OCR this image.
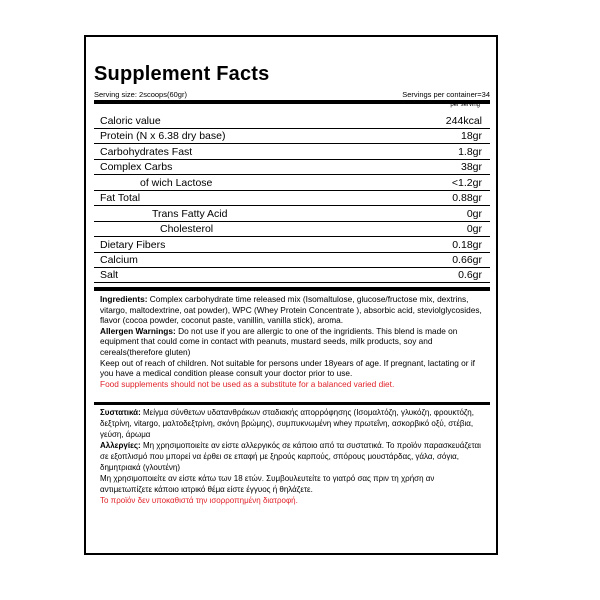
Supplement Facts
Serving size: 2scoops(60gr)	Servings per container=34
per serving
Caloric value	244kcal
Protein (N x 6.38 dry base)	18gr
Carbohydrates Fast	1.8gr
Complex Carbs	38gr
of wich Lactose	<1.2gr
Fat Total	0.88gr
Trans Fatty Acid	0gr
Cholesterol	0gr
Dietary Fibers	0.18gr
Calcium	0.66gr
Salt	0.6gr

Ingredients: Complex carbohydrate time released mix (Isomaltulose, glucose/fructose mix, dextrins, vitargo, maltodextrine, oat powder), WPC (Whey Protein Concentrate ), absorbic acid, steviolglycosides, flavor (cocoa powder, coconut paste, vanillin, vanilla stick), aroma.

Allergen Warnings: Do not use if you are allergic to one of the ingridients. This blend is made on equipment that could come in contact with peanuts, mustard seeds, milk products, soy and cereals(therefore gluten)

Keep out of reach of children. Not suitable for persons under 18years of age. If pregnant, lactating or if you have a medical condition please consult your doctor prior to use.

Food supplements should not be used as a substitute for a balanced varied diet.

Συστατικά: Μείγμα σύνθετων υδατανθράκων σταδιακής απορρόφησης (Ισομαλτόζη, γλυκόζη, φρουκτόζη, δεξτρίνη, vitargo, μαλτοδεξτρίνη, σκόνη βρώμης), συμπυκνωμένη whey πρωτεΐνη, ασκορβικό οξύ, στέβια, γεύση, άρωμα

Αλλεργίες: Μη χρησιμοποιείτε αν είστε αλλεργικός σε κάποιο από τα συστατικά. Το προϊόν παρασκευάζεται σε εξοπλισμό που μπορεί να έρθει σε επαφή με ξηρούς καρπούς, σπόρους μουστάρδας, γάλα, σόγια, δημητριακά (γλουτένη)

Μη χρησιμοποιείτε αν είστε κάτω των 18 ετών. Συμβουλευτείτε το γιατρό σας πριν τη χρήση αν αντιμετωπίζετε κάποιο ιατρικό θέμα είστε έγγυος ή θηλάζετε.

Το προϊόν δεν υποκαθιστά την ισορροπημένη διατροφή.
